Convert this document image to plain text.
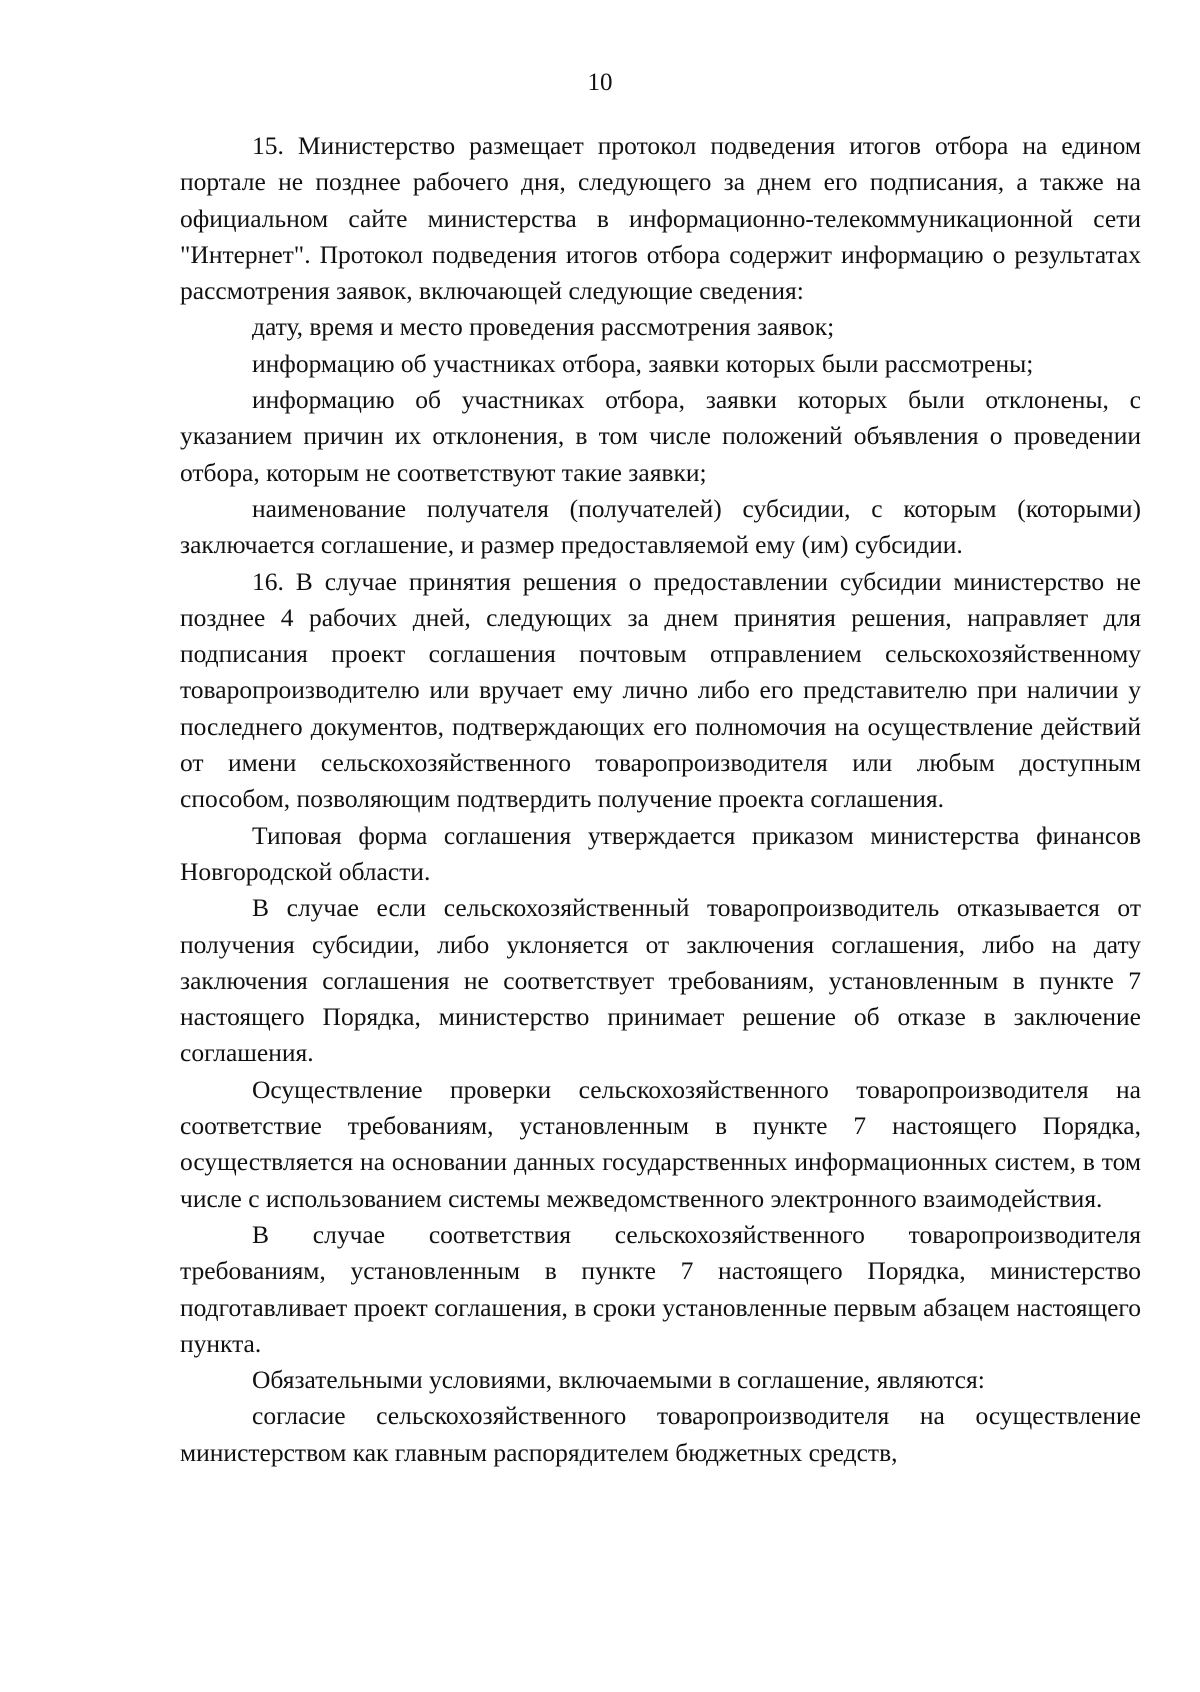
10

15. Министерство размещает протокол подведения итогов отбора на едином портале не позднее рабочего дня, следующего за днем его подписания, а также на официальном сайте министерства в информационно-телекоммуникационной сети "Интернет". Протокол подведения итогов отбора содержит информацию о результатах рассмотрения заявок, включающей следующие сведения:

дату, время и место проведения рассмотрения заявок;

информацию об участниках отбора, заявки которых были рассмотрены;

информацию об участниках отбора, заявки которых были отклонены, с указанием причин их отклонения, в том числе положений объявления о проведении отбора, которым не соответствуют такие заявки;

наименование получателя (получателей) субсидии, с которым (которыми) заключается соглашение, и размер предоставляемой ему (им) субсидии.

16. В случае принятия решения о предоставлении субсидии министерство не позднее 4 рабочих дней, следующих за днем принятия решения, направляет для подписания проект соглашения почтовым отправлением сельскохозяйственному товаропроизводителю или вручает ему лично либо его представителю при наличии у последнего документов, подтверждающих его полномочия на осуществление действий от имени сельскохозяйственного товаропроизводителя или любым доступным способом, позволяющим подтвердить получение проекта соглашения.

Типовая форма соглашения утверждается приказом министерства финансов Новгородской области.

В случае если сельскохозяйственный товаропроизводитель отказывается от получения субсидии, либо уклоняется от заключения соглашения, либо на дату заключения соглашения не соответствует требованиям, установленным в пункте 7 настоящего Порядка, министерство принимает решение об отказе в заключение соглашения.

Осуществление проверки сельскохозяйственного товаропроизводителя на соответствие требованиям, установленным в пункте 7 настоящего Порядка, осуществляется на основании данных государственных информационных систем, в том числе с использованием системы межведомственного электронного взаимодействия.

В случае соответствия сельскохозяйственного товаропроизводителя требованиям, установленным в пункте 7 настоящего Порядка, министерство подготавливает проект соглашения, в сроки установленные первым абзацем настоящего пункта.

Обязательными условиями, включаемыми в соглашение, являются:

согласие сельскохозяйственного товаропроизводителя на осуществление министерством как главным распорядителем бюджетных средств,
